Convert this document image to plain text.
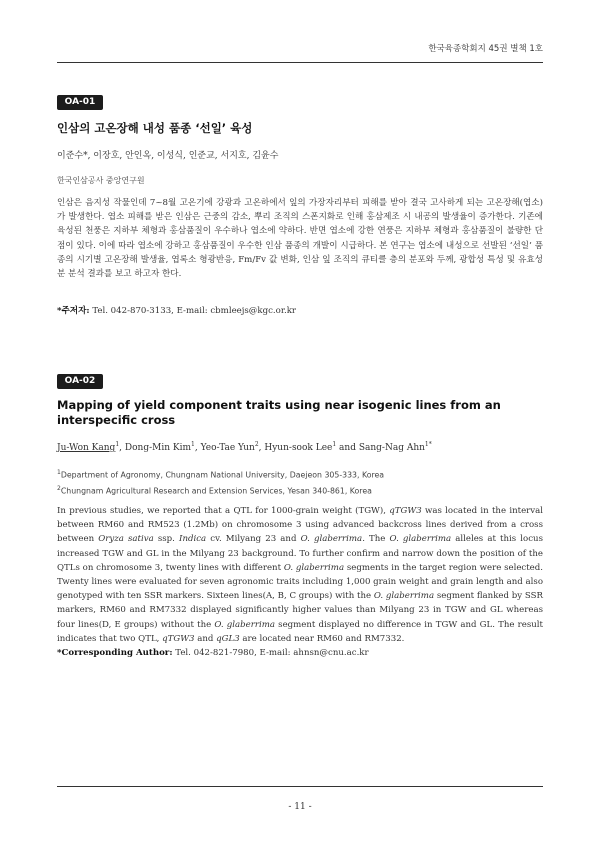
한국육종학회지 45권 별책 1호
OA-01
인삼의 고온장해 내성 품종 ‘선일’ 육성
이준수*, 이장호, 안인옥, 이성식, 인준교, 서지호, 김윤수
한국인삼공사 중앙연구원
인삼은 음지성 작물인데 7~8월 고온기에 강광과 고온하에서 잎의 가장자리부터 피해를 받아 결국 고사하게 되는 고온장해(엽소)가 발생한다. 엽소 피해를 받은 인삼은 근중의 감소, 뿌리 조직의 스폰지화로 인해 홍삼제조 시 내공의 발생율이 증가한다. 기존에 육성된 천풍은 지하부 체형과 홍삼품질이 우수하나 엽소에 약하다. 반면 엽소에 강한 연풍은 지하부 체형과 홍삼품질이 불량한 단점이 있다. 이에 따라 엽소에 강하고 홍삼품질이 우수한 인삼 품종의 개발이 시급하다. 본 연구는 엽소에 내성으로 선발된 ‘선일’ 품종의 시기별 고온장해 발생율, 엽록소 형광반응, Fm/Fv 값 변화, 인삼 잎 조직의 큐티클 층의 분포와 두께, 광합성 특성 및 유효성분 분석 결과를 보고 하고자 한다.
*주저자: Tel. 042-870-3133, E-mail: cbmleejs@kgc.or.kr
OA-02
Mapping of yield component traits using near isogenic lines from an interspecific cross
Ju-Won Kang$^1$, Dong-Min Kim$^1$, Yeo-Tae Yun$^2$, Hyun-sook Lee$^1$ and Sang-Nag Ahn$^{1*}$
$^1$Department of Agronomy, Chungnam National University, Daejeon 305-333, Korea
$^2$Chungnam Agricultural Research and Extension Services, Yesan 340-861, Korea
In previous studies, we reported that a QTL for 1000-grain weight (TGW), qTGW3 was located in the interval between RM60 and RM523 (1.2Mb) on chromosome 3 using advanced backcross lines derived from a cross between Oryza sativa ssp. Indica cv. Milyang 23 and O. glaberrima. The O. glaberrima alleles at this locus increased TGW and GL in the Milyang 23 background. To further confirm and narrow down the position of the QTLs on chromosome 3, twenty lines with different O. glaberrima segments in the target region were selected. Twenty lines were evaluated for seven agronomic traits including 1,000 grain weight and grain length and also genotyped with ten SSR markers. Sixteen lines(A, B, C groups) with the O. glaberrima segment flanked by SSR markers, RM60 and RM7332 displayed significantly higher values than Milyang 23 in TGW and GL whereas four lines(D, E groups) without the O. glaberrima segment displayed no difference in TGW and GL. The result indicates that two QTL, qTGW3 and qGL3 are located near RM60 and RM7332.
*Corresponding Author: Tel. 042-821-7980, E-mail: ahnsn@cnu.ac.kr
- 11 -
